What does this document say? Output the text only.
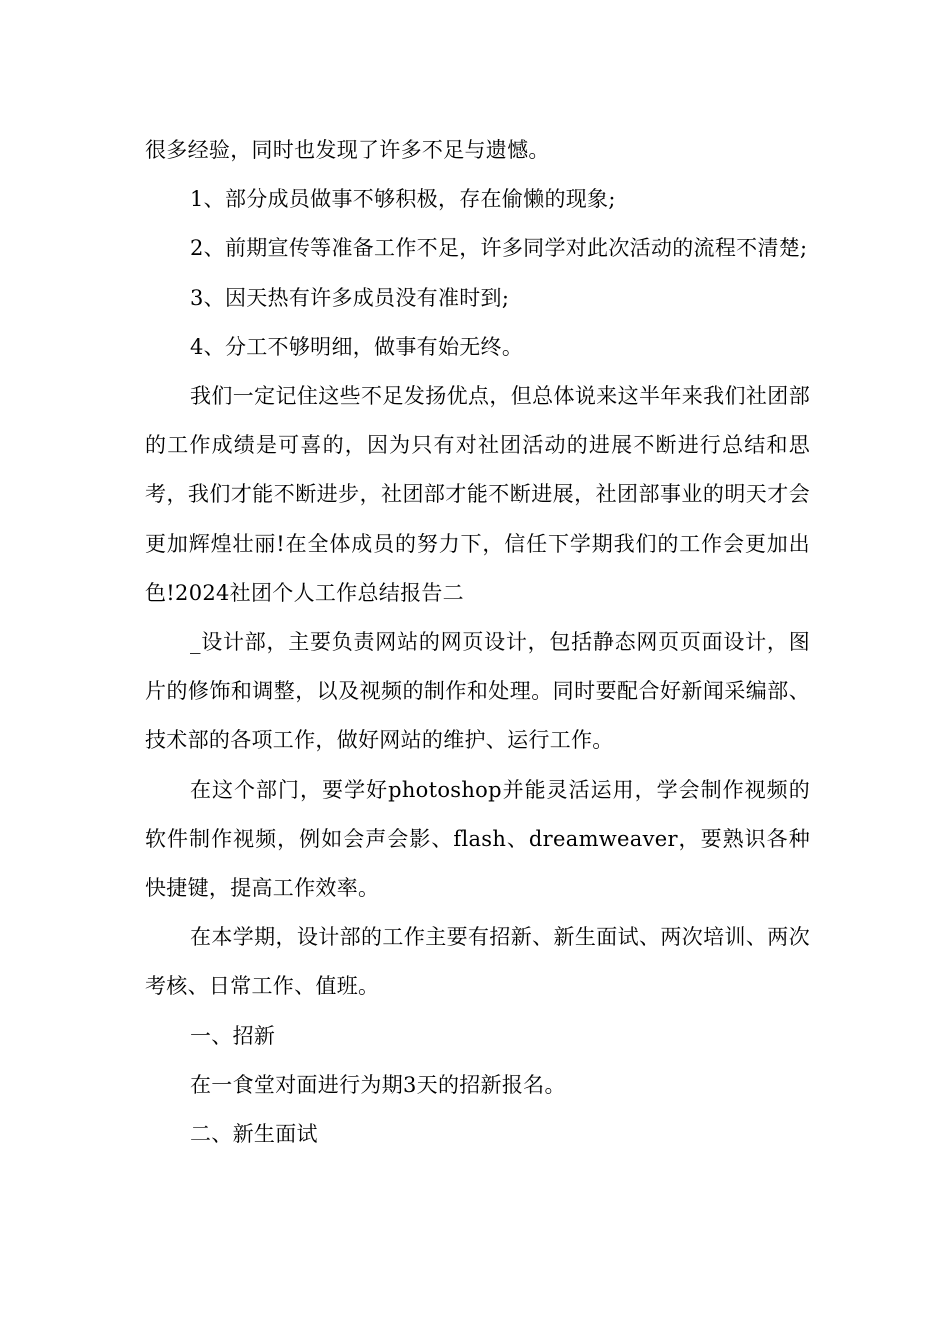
很多经验，同时也发现了许多不足与遗憾。

1、部分成员做事不够积极，存在偷懒的现象;

2、前期宣传等准备工作不足，许多同学对此次活动的流程不清楚;

3、因天热有许多成员没有准时到;

4、分工不够明细，做事有始无终。

我们一定记住这些不足发扬优点，但总体说来这半年来我们社团部的工作成绩是可喜的，因为只有对社团活动的进展不断进行总结和思考，我们才能不断进步，社团部才能不断进展，社团部事业的明天才会更加辉煌壮丽!在全体成员的努力下，信任下学期我们的工作会更加出色!2024社团个人工作总结报告二

_设计部，主要负责网站的网页设计，包括静态网页页面设计，图片的修饰和调整，以及视频的制作和处理。同时要配合好新闻采编部、技术部的各项工作，做好网站的维护、运行工作。

在这个部门，要学好photoshop并能灵活运用，学会制作视频的软件制作视频，例如会声会影、flash、dreamweaver，要熟识各种快捷键，提高工作效率。

在本学期，设计部的工作主要有招新、新生面试、两次培训、两次考核、日常工作、值班。

一、招新

在一食堂对面进行为期3天的招新报名。

二、新生面试
